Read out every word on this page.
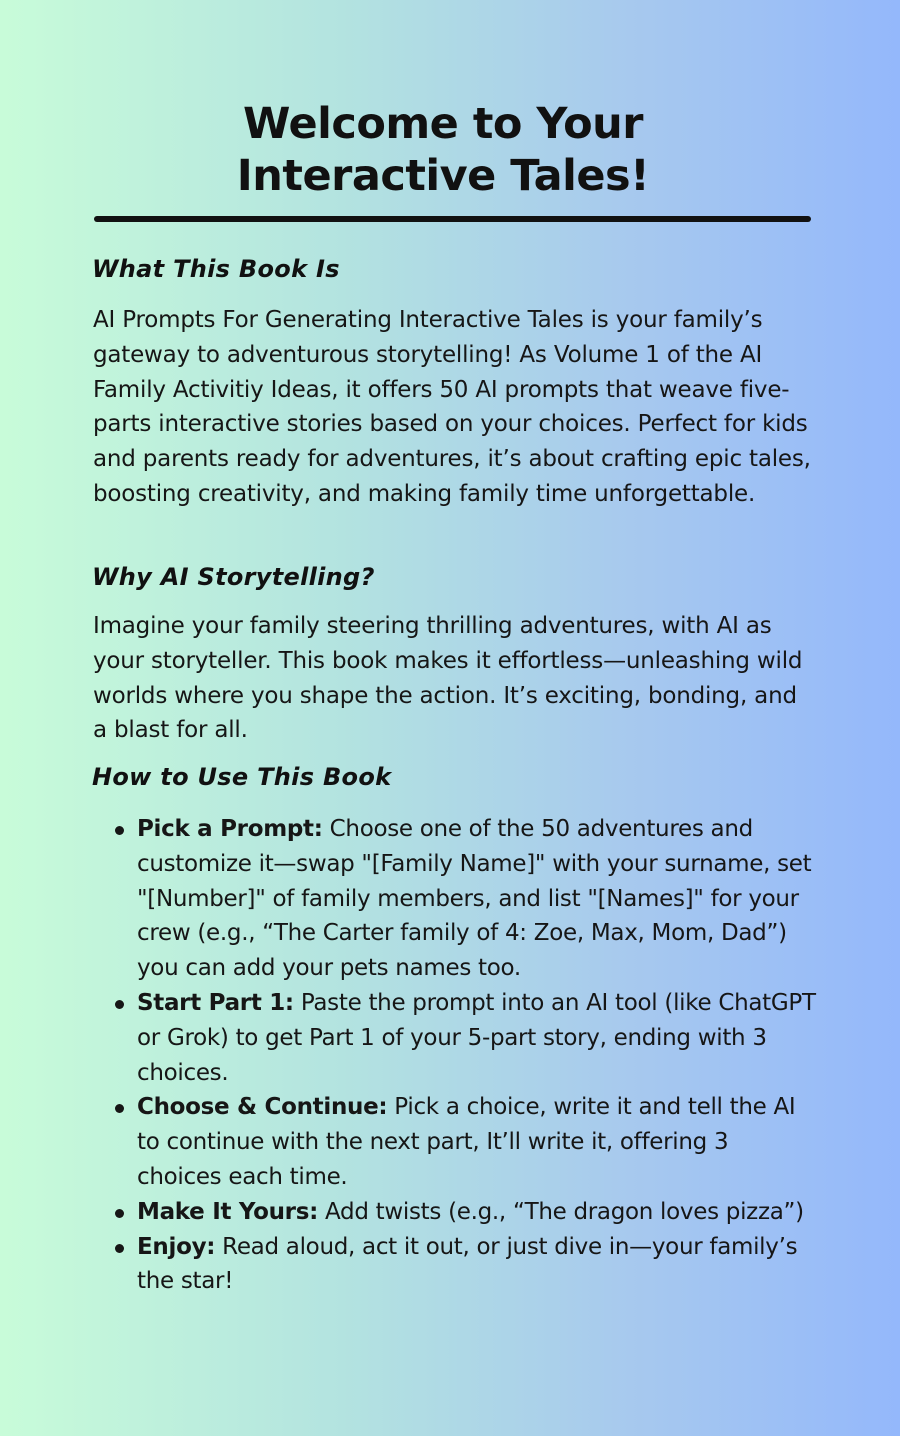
Welcome to Your
Interactive Tales!
What This Book Is

AI Prompts For Generating Interactive Tales is your family’s gateway to adventurous storytelling! As Volume 1 of the AI Family Activitiy Ideas, it offers 50 AI prompts that weave five-parts interactive stories based on your choices. Perfect for kids and parents ready for adventures, it’s about crafting epic tales, boosting creativity, and making family time unforgettable.

Why AI Storytelling?

Imagine your family steering thrilling adventures, with AI as your storyteller. This book makes it effortless—unleashing wild worlds where you shape the action. It’s exciting, bonding, and a blast for all.

How to Use This Book
Pick a Prompt: Choose one of the 50 adventures and customize it—swap "[Family Name]" with your surname, set "[Number]" of family members, and list "[Names]" for your crew (e.g., “The Carter family of 4: Zoe, Max, Mom, Dad”) you can add your pets names too.
Start Part 1: Paste the prompt into an AI tool (like ChatGPT or Grok) to get Part 1 of your 5-part story, ending with 3 choices.
Choose & Continue: Pick a choice, write it and tell the AI to continue with the next part, It’ll write it, offering 3 choices each time.
Make It Yours: Add twists (e.g., “The dragon loves pizza”)
Enjoy: Read aloud, act it out, or just dive in—your family’s the star!
